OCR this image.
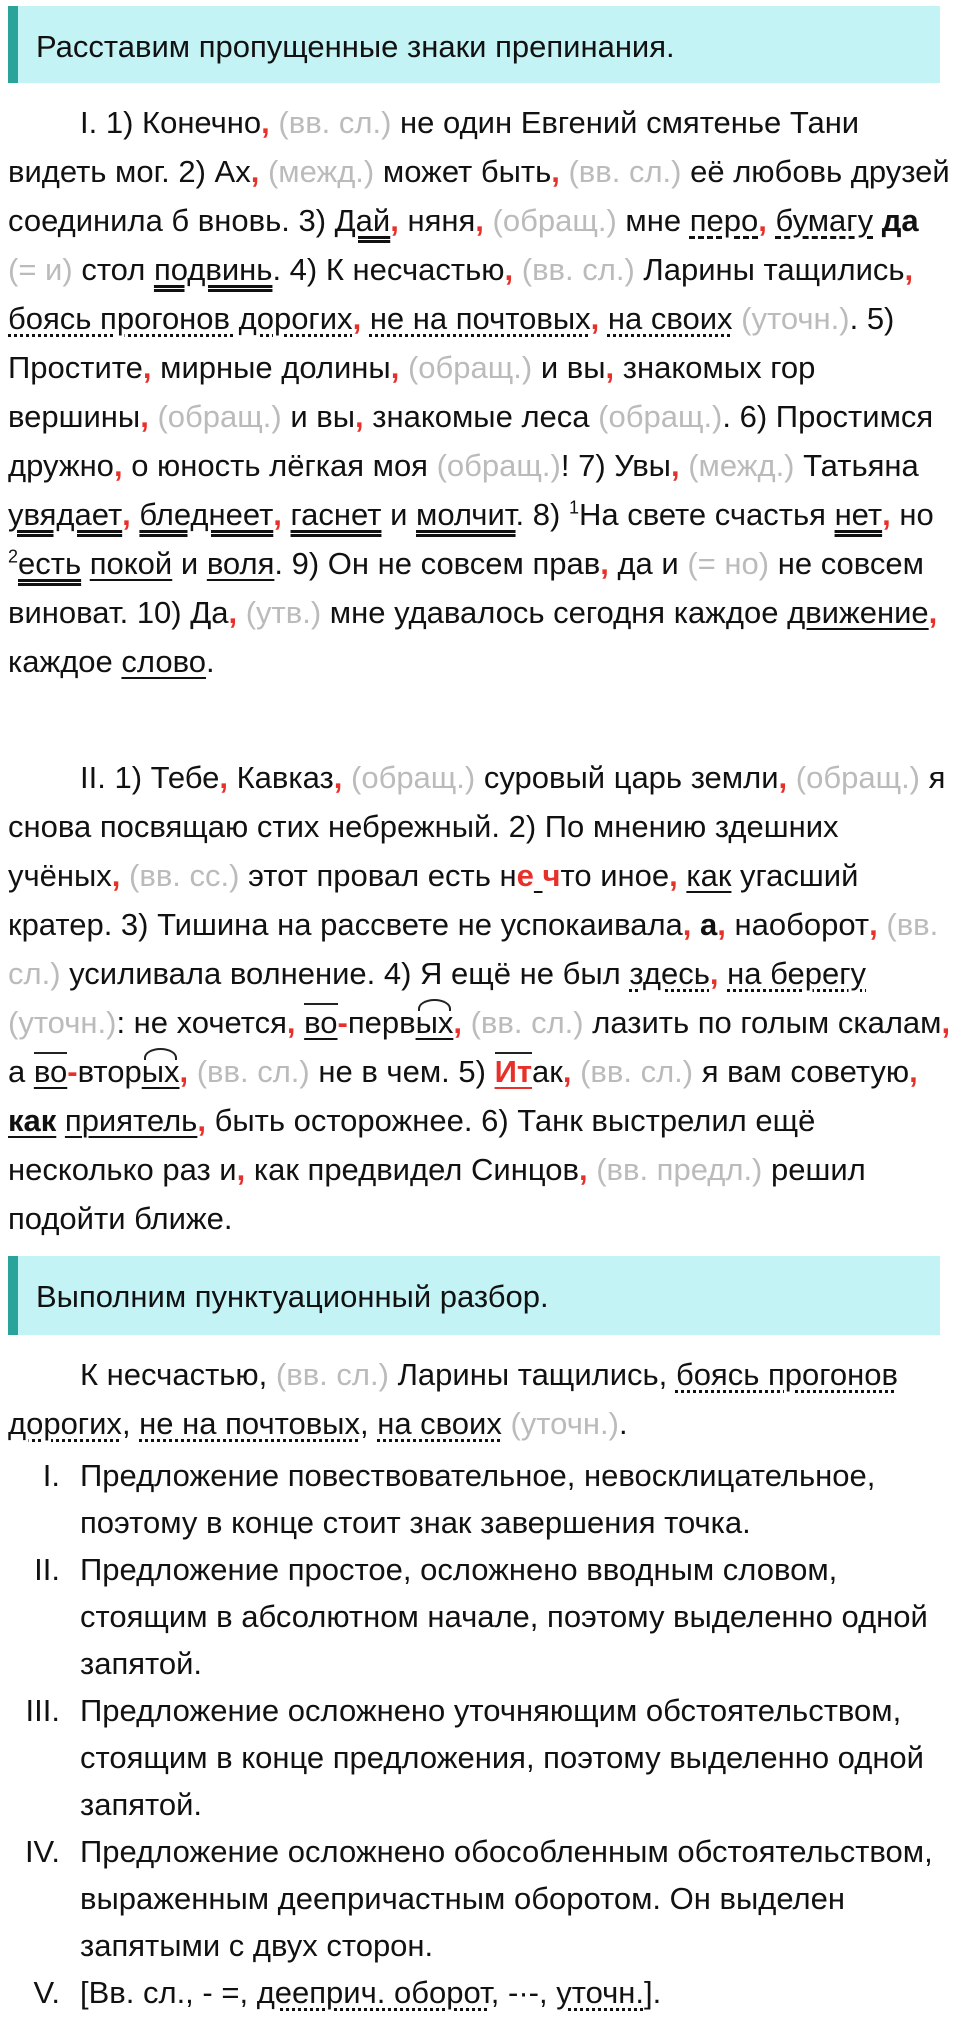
Расставим пропущенные знаки препинания.
I. 1) Конечно, (вв. сл.) не один Евгений смятенье Тани видеть мог. 2) Ах, (межд.) может быть, (вв. сл.) её любовь друзей соединила б вновь. 3) Дай, няня, (обращ.) мне перо, бумагу да (= и) стол подвинь. 4) К несчастью, (вв. сл.) Ларины тащились, боясь прогонов дорогих, не на почтовых, на своих (уточн.). 5) Простите, мирные долины, (обращ.) и вы, знакомых гор вершины, (обращ.) и вы, знакомые леса (обращ.). 6) Простимся дружно, о юность лёгкая моя (обращ.)! 7) Увы, (межд.) Татьяна увядает, бледнеет, гаснет и молчит. 8) $^1$На свете счастья нет, но $^2$есть покой и воля. 9) Он не совсем прав, да и (= но) не совсем виноват. 10) Да, (утв.) мне удавалось сегодня каждое движение, каждое слово.
II. 1) Тебе, Кавказ, (обращ.) суровый царь земли, (обращ.) я снова посвящаю стих небрежный. 2) По мнению здешних учёных, (вв. сс.) этот провал есть не что иное, как угасший кратер. 3) Тишина на рассвете не успокаивала, а, наоборот, (вв. сл.) усиливала волнение. 4) Я ещё не был здесь, на берегу (уточн.): не хочется, во-первых, (вв. сл.) лазить по голым скалам, а во-вторых, (вв. сл.) не в чем. 5) Итак, (вв. сл.) я вам советую, как приятель, быть осторожнее. 6) Танк выстрелил ещё несколько раз и, как предвидел Синцов, (вв. предл.) решил подойти ближе.
Выполним пунктуационный разбор.
К несчастью, (вв. сл.) Ларины тащились, боясь прогонов дорогих, не на почтовых, на своих (уточн.).
I. Предложение повествовательное, невосклицательное, поэтому в конце стоит знак завершения точка.
II. Предложение простое, осложнено вводным словом, стоящим в абсолютном начале, поэтому выделенно одной запятой.
III. Предложение осложнено уточняющим обстоятельством, стоящим в конце предложения, поэтому выделенно одной запятой.
IV. Предложение осложнено обособленным обстоятельством, выраженным деепричастным оборотом. Он выделен запятыми с двух сторон.
V. [Вв. сл., - =, дееприч. оборот, -·-, уточн.].
